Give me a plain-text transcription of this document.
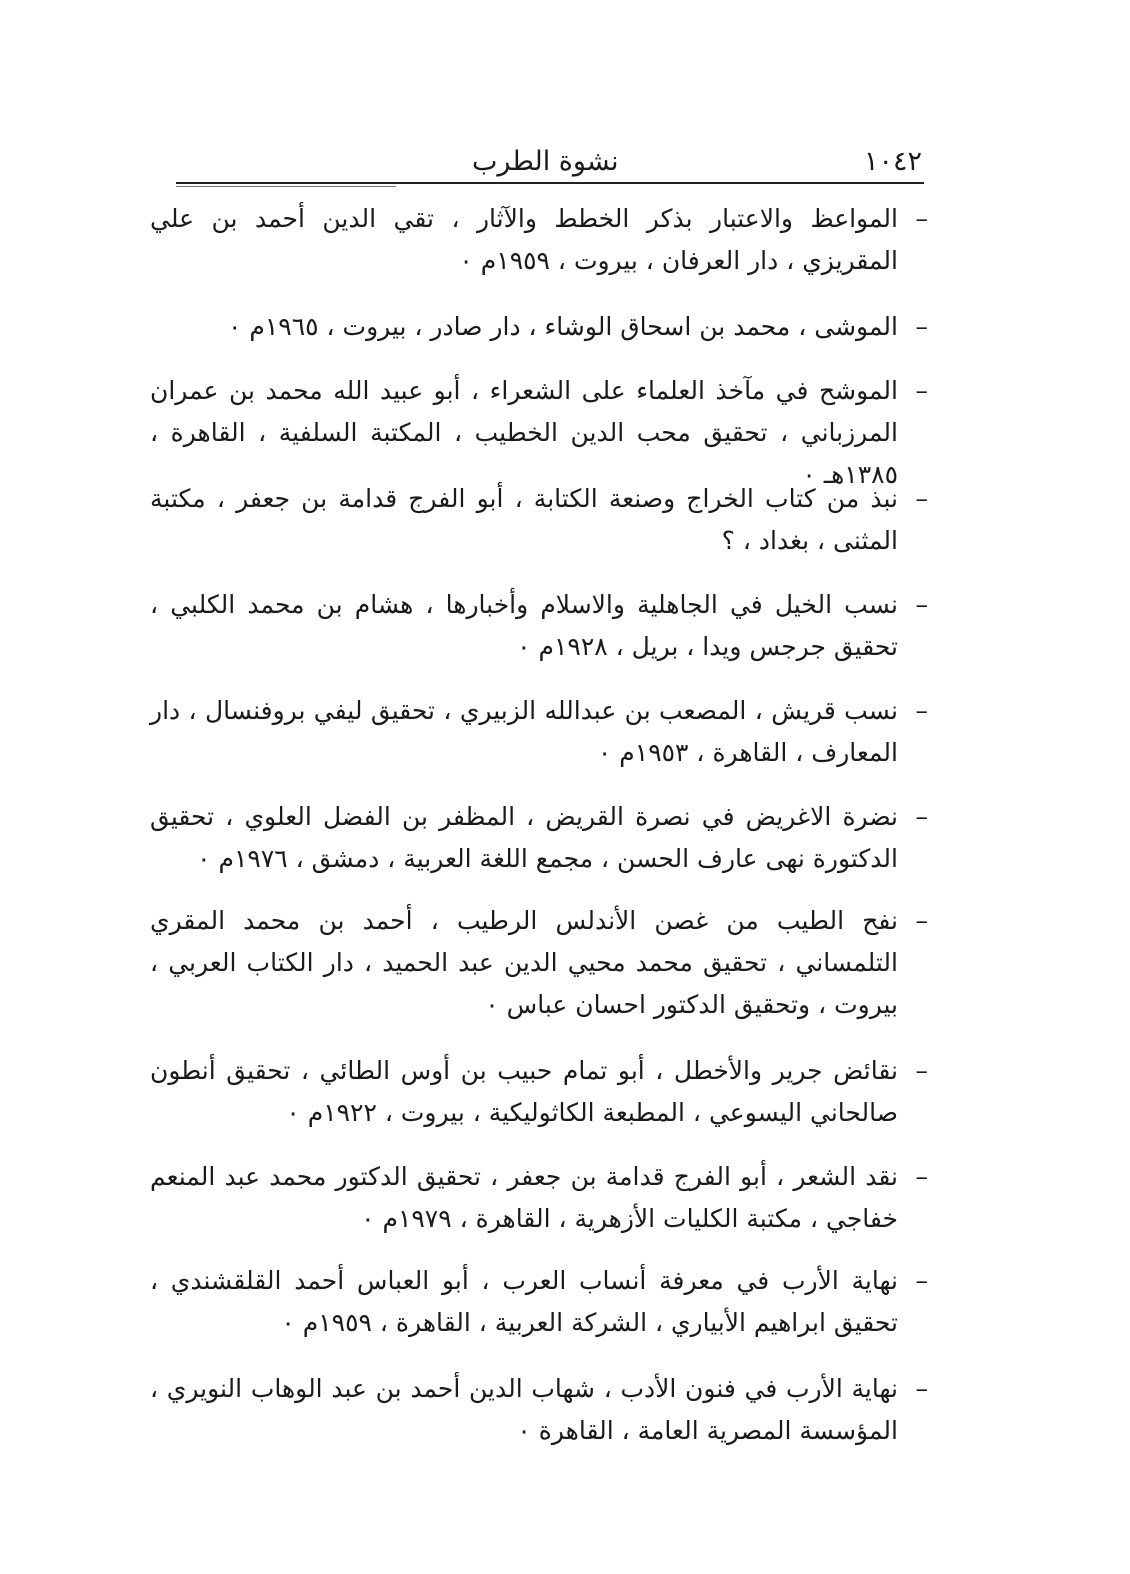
١٠٤٢
نشوة الطرب
–
المواعظ والاعتبار بذكر الخطط والآثار ، تقي الدين أحمد بن علي المقريزي ، دار العرفان ، بيروت ، ١٩٥٩م ٠
–
الموشى ، محمد بن اسحاق الوشاء ، دار صادر ، بيروت ، ١٩٦٥م ٠
–
الموشح في مآخذ العلماء على الشعراء ، أبو عبيد الله محمد بن عمران المرزباني ، تحقيق محب الدين الخطيب ، المكتبة السلفية ، القاهرة ، ١٣٨٥هـ ٠
–
نبذ من كتاب الخراج وصنعة الكتابة ، أبو الفرج قدامة بن جعفر ، مكتبة المثنى ، بغداد ، ؟
–
نسب الخيل في الجاهلية والاسلام وأخبارها ، هشام بن محمد الكلبي ، تحقيق جرجس ويدا ، بريل ، ١٩٢٨م ٠
–
نسب قريش ، المصعب بن عبدالله الزبيري ، تحقيق ليفي بروفنسال ، دار المعارف ، القاهرة ، ١٩٥٣م ٠
–
نضرة الاغريض في نصرة القريض ، المظفر بن الفضل العلوي ، تحقيق الدكتورة نهى عارف الحسن ، مجمع اللغة العربية ، دمشق ، ١٩٧٦م ٠
–
نفح الطيب من غصن الأندلس الرطيب ، أحمد بن محمد المقري التلمساني ، تحقيق محمد محيي الدين عبد الحميد ، دار الكتاب العربي ، بيروت ، وتحقيق الدكتور احسان عباس ٠
–
نقائض جرير والأخطل ، أبو تمام حبيب بن أوس الطائي ، تحقيق أنطون صالحاني اليسوعي ، المطبعة الكاثوليكية ، بيروت ، ١٩٢٢م ٠
–
نقد الشعر ، أبو الفرج قدامة بن جعفر ، تحقيق الدكتور محمد عبد المنعم خفاجي ، مكتبة الكليات الأزهرية ، القاهرة ، ١٩٧٩م ٠
–
نهاية الأرب في معرفة أنساب العرب ، أبو العباس أحمد القلقشندي ، تحقيق ابراهيم الأبياري ، الشركة العربية ، القاهرة ، ١٩٥٩م ٠
–
نهاية الأرب في فنون الأدب ، شهاب الدين أحمد بن عبد الوهاب النويري ، المؤسسة المصرية العامة ، القاهرة ٠
